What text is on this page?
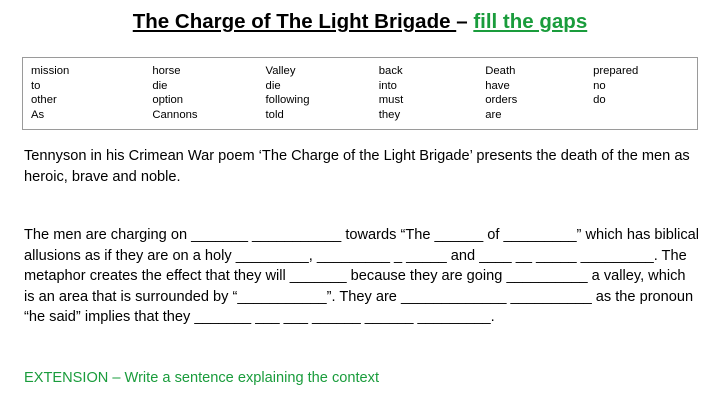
The Charge of The Light Brigade – fill the gaps
mission	horse	Valley	back	Death	prepared
to	die	die	into	have	no
other	option	following	must	orders	do
As	Cannons	told	they	are	
Tennyson in his Crimean War poem ‘The Charge of the Light Brigade’ presents the death of the men as heroic, brave and noble.
The men are charging on _______ ___________ towards “The ______ of _________” which has biblical allusions as if they are on a holy _________, _________ _ _____ and ____ __ _____ _________. The metaphor creates the effect that they will _______ because they are going __________ a valley, which is an area that is surrounded by “___________”. They are _____________ __________ as the pronoun “he said” implies that they _______ ___ ___ ______ ______ _________.
EXTENSION – Write a sentence explaining the context
